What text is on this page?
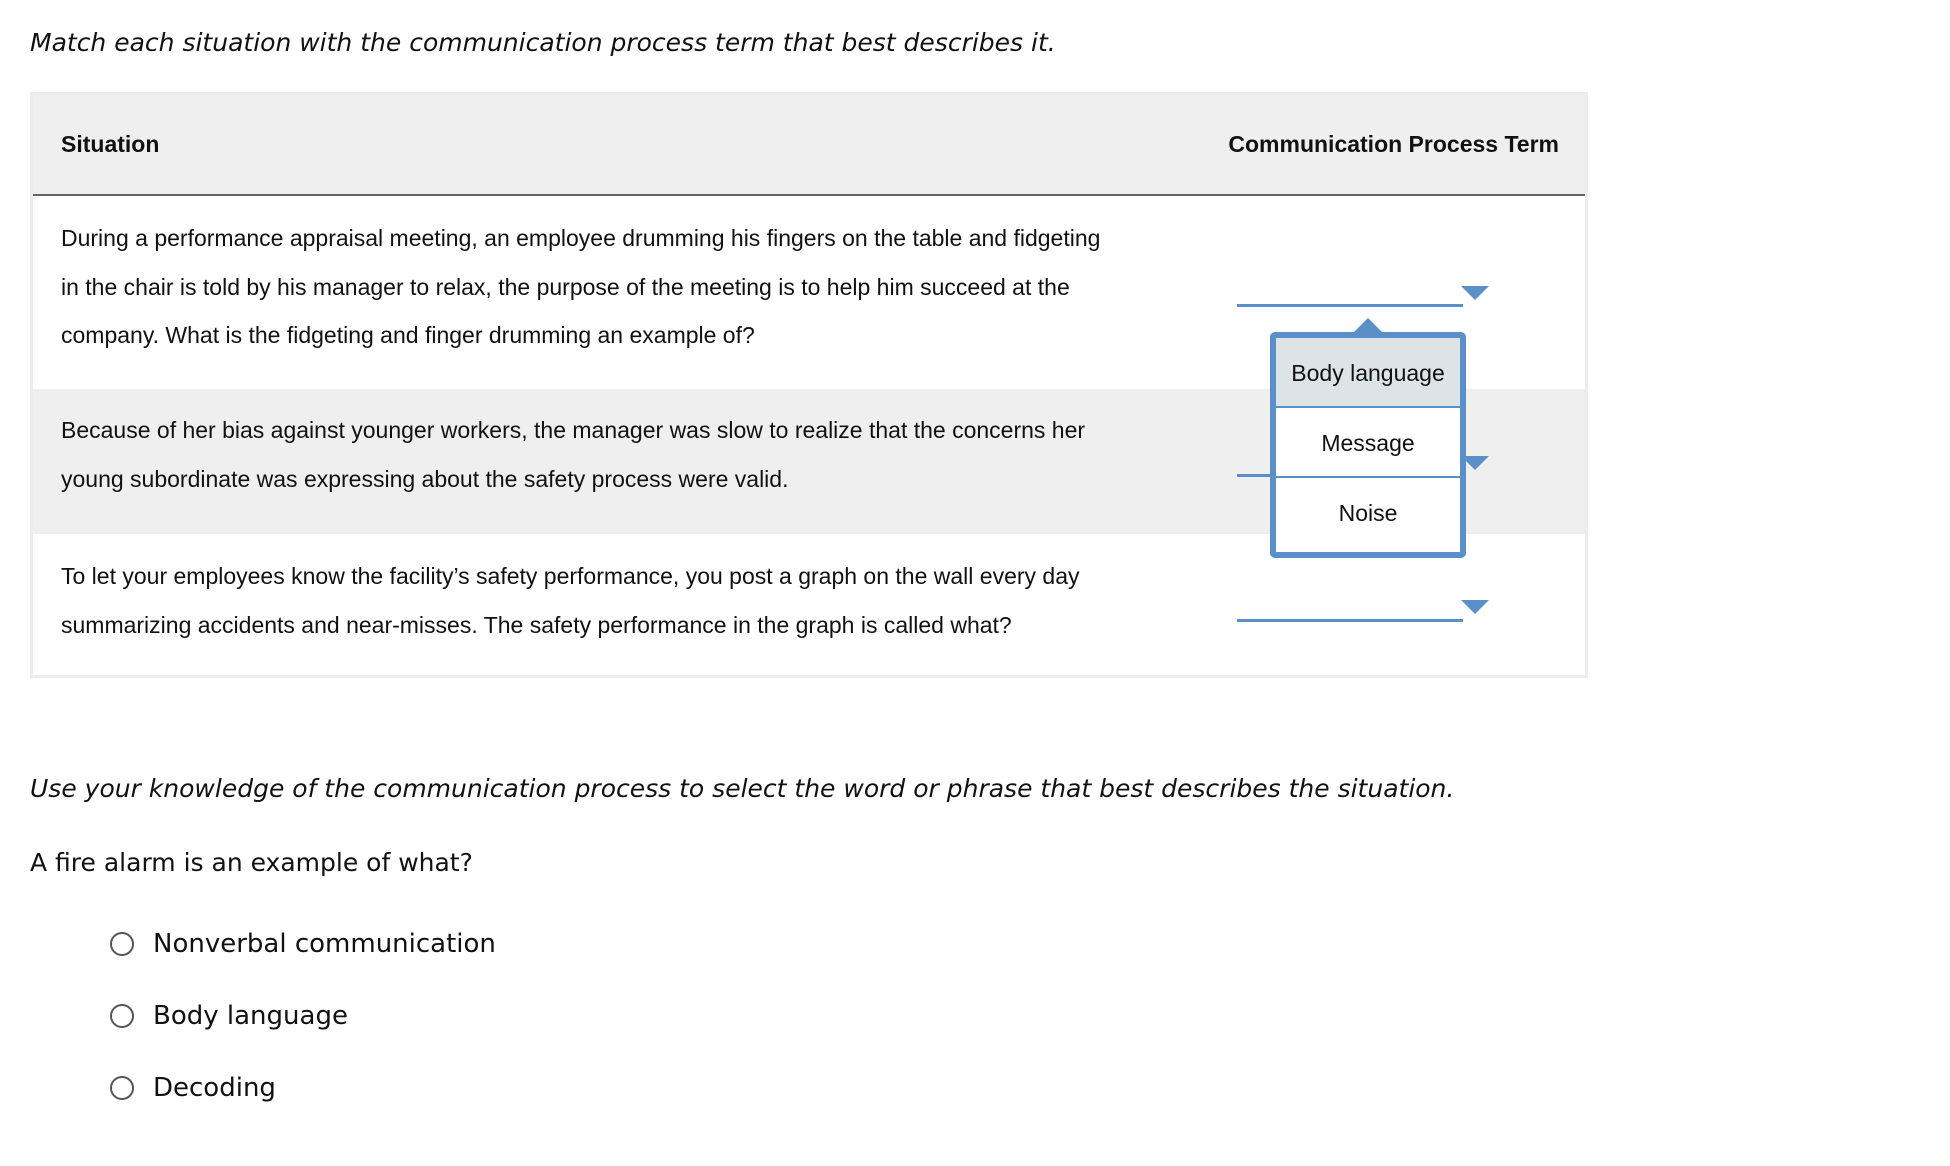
Match each situation with the communication process term that best describes it.
Situation	Communication Process Term
During a performance appraisal meeting, an employee drumming his fingers on the table and fidgeting
in the chair is told by his manager to relax, the purpose of the meeting is to help him succeed at the
company. What is the fidgeting and finger drumming an example of?
Because of her bias against younger workers, the manager was slow to realize that the concerns her
young subordinate was expressing about the safety process were valid.
To let your employees know the facility’s safety performance, you post a graph on the wall every day
summarizing accidents and near-misses. The safety performance in the graph is called what?
Body language
Message
Noise
Use your knowledge of the communication process to select the word or phrase that best describes the situation.
A fire alarm is an example of what?
Nonverbal communication
Body language
Decoding
